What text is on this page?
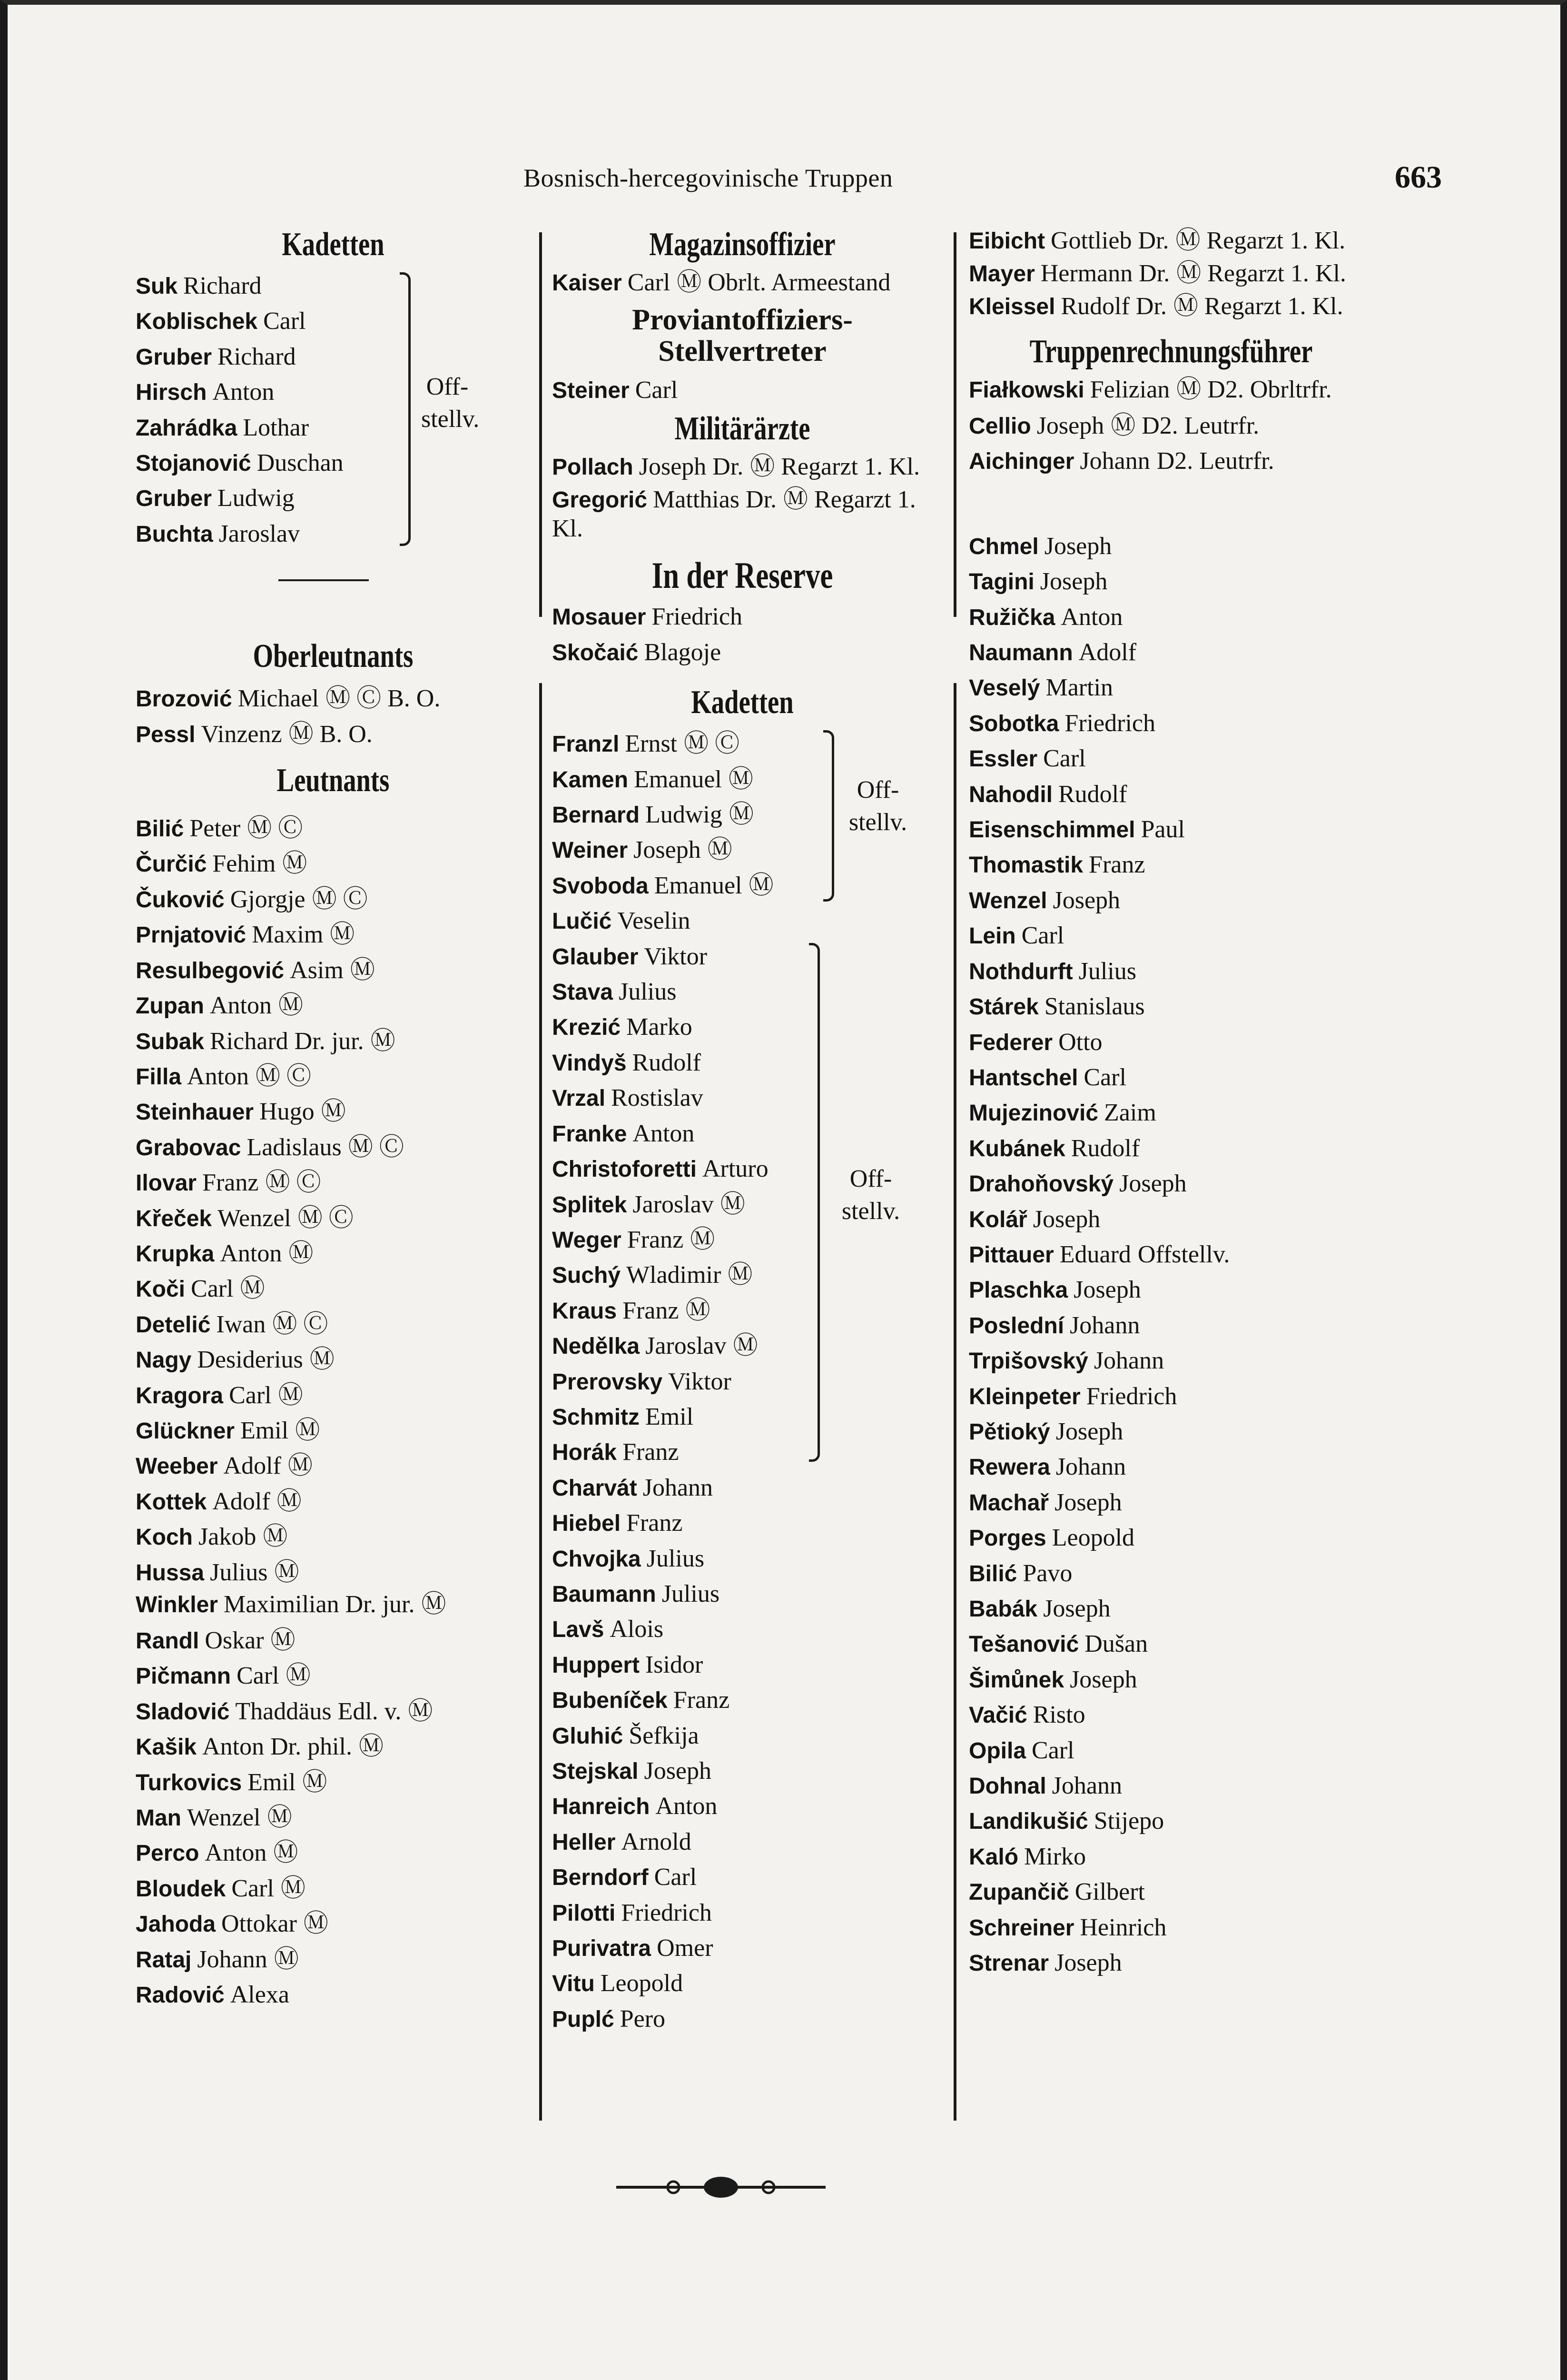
Bosnisch-hercegovinische Truppen	663
Kadetten
Suk Richard
Koblischek Carl
Gruber Richard
Hirsch Anton
Zahrádka Lothar
Stojanović Duschan
Gruber Ludwig
Buchta Jaroslav
Off-
stellv.
Oberleutnants
Brozović Michael Ⓜ Ⓒ B. O.
Pessl Vinzenz Ⓜ B. O.
Leutnants
Bilić Peter Ⓜ Ⓒ
Čurčić Fehim Ⓜ
Čuković Gjorgje Ⓜ Ⓒ
Prnjatović Maxim Ⓜ
Resulbegović Asim Ⓜ
Zupan Anton Ⓜ
Subak Richard Dr. jur. Ⓜ
Filla Anton Ⓜ Ⓒ
Steinhauer Hugo Ⓜ
Grabovac Ladislaus Ⓜ Ⓒ
Ilovar Franz Ⓜ Ⓒ
Křeček Wenzel Ⓜ Ⓒ
Krupka Anton Ⓜ
Koči Carl Ⓜ
Detelić Iwan Ⓜ Ⓒ
Nagy Desiderius Ⓜ
Kragora Carl Ⓜ
Glückner Emil Ⓜ
Weeber Adolf Ⓜ
Kottek Adolf Ⓜ
Koch Jakob Ⓜ
Hussa Julius Ⓜ
Winkler Maximilian Dr. jur. Ⓜ
Randl Oskar Ⓜ
Pičmann Carl Ⓜ
Sladović Thaddäus Edl. v. Ⓜ
Kašik Anton Dr. phil. Ⓜ
Turkovics Emil Ⓜ
Man Wenzel Ⓜ
Perco Anton Ⓜ
Bloudek Carl Ⓜ
Jahoda Ottokar Ⓜ
Rataj Johann Ⓜ
Radović Alexa
Magazinsoffizier
Kaiser Carl Ⓜ Obrlt. Armeestand
Proviantoffiziers-Stellvertreter
Steiner Carl
Militärärzte
Pollach Joseph Dr. Ⓜ Regarzt 1. Kl.
Gregorić Matthias Dr. Ⓜ Regarzt 1. Kl.
In der Reserve
Mosauer Friedrich
Skočaić Blagoje
Kadetten
Franzl Ernst Ⓜ Ⓒ
Kamen Emanuel Ⓜ
Bernard Ludwig Ⓜ
Weiner Joseph Ⓜ
Svoboda Emanuel Ⓜ
Off-
stellv.
Lučić Veselin
Glauber Viktor
Stava Julius
Krezić Marko
Vindyš Rudolf
Vrzal Rostislav
Franke Anton
Christoforetti Arturo
Splitek Jaroslav Ⓜ
Weger Franz Ⓜ
Suchý Wladimir Ⓜ
Kraus Franz Ⓜ
Nedělka Jaroslav Ⓜ
Prerovsky Viktor
Schmitz Emil
Horák Franz
Off-
stellv.
Charvát Johann
Hiebel Franz
Chvojka Julius
Baumann Julius
Lavš Alois
Huppert Isidor
Bubeníček Franz
Gluhić Šefkija
Stejskal Joseph
Hanreich Anton
Heller Arnold
Berndorf Carl
Pilotti Friedrich
Purivatra Omer
Vitu Leopold
Puplć Pero
Eibicht Gottlieb Dr. Ⓜ Regarzt 1. Kl.
Mayer Hermann Dr. Ⓜ Regarzt 1. Kl.
Kleissel Rudolf Dr. Ⓜ Regarzt 1. Kl.
Truppenrechnungsführer
Fiałkowski Felizian Ⓜ D2. Obrltrfr.
Cellio Joseph Ⓜ D2. Leutrfr.
Aichinger Johann D2. Leutrfr.
Chmel Joseph
Tagini Joseph
Ružička Anton
Naumann Adolf
Veselý Martin
Sobotka Friedrich
Essler Carl
Nahodil Rudolf
Eisenschimmel Paul
Thomastik Franz
Wenzel Joseph
Lein Carl
Nothdurft Julius
Stárek Stanislaus
Federer Otto
Hantschel Carl
Mujezinović Zaim
Kubánek Rudolf
Drahoňovský Joseph
Kolář Joseph
Pittauer Eduard Offstellv.
Plaschka Joseph
Poslední Johann
Trpišovský Johann
Kleinpeter Friedrich
Pětioký Joseph
Rewera Johann
Machař Joseph
Porges Leopold
Bilić Pavo
Babák Joseph
Tešanović Dušan
Šimůnek Joseph
Vačić Risto
Opila Carl
Dohnal Johann
Landikušić Stijepo
Kaló Mirko
Zupančič Gilbert
Schreiner Heinrich
Strenar Joseph
